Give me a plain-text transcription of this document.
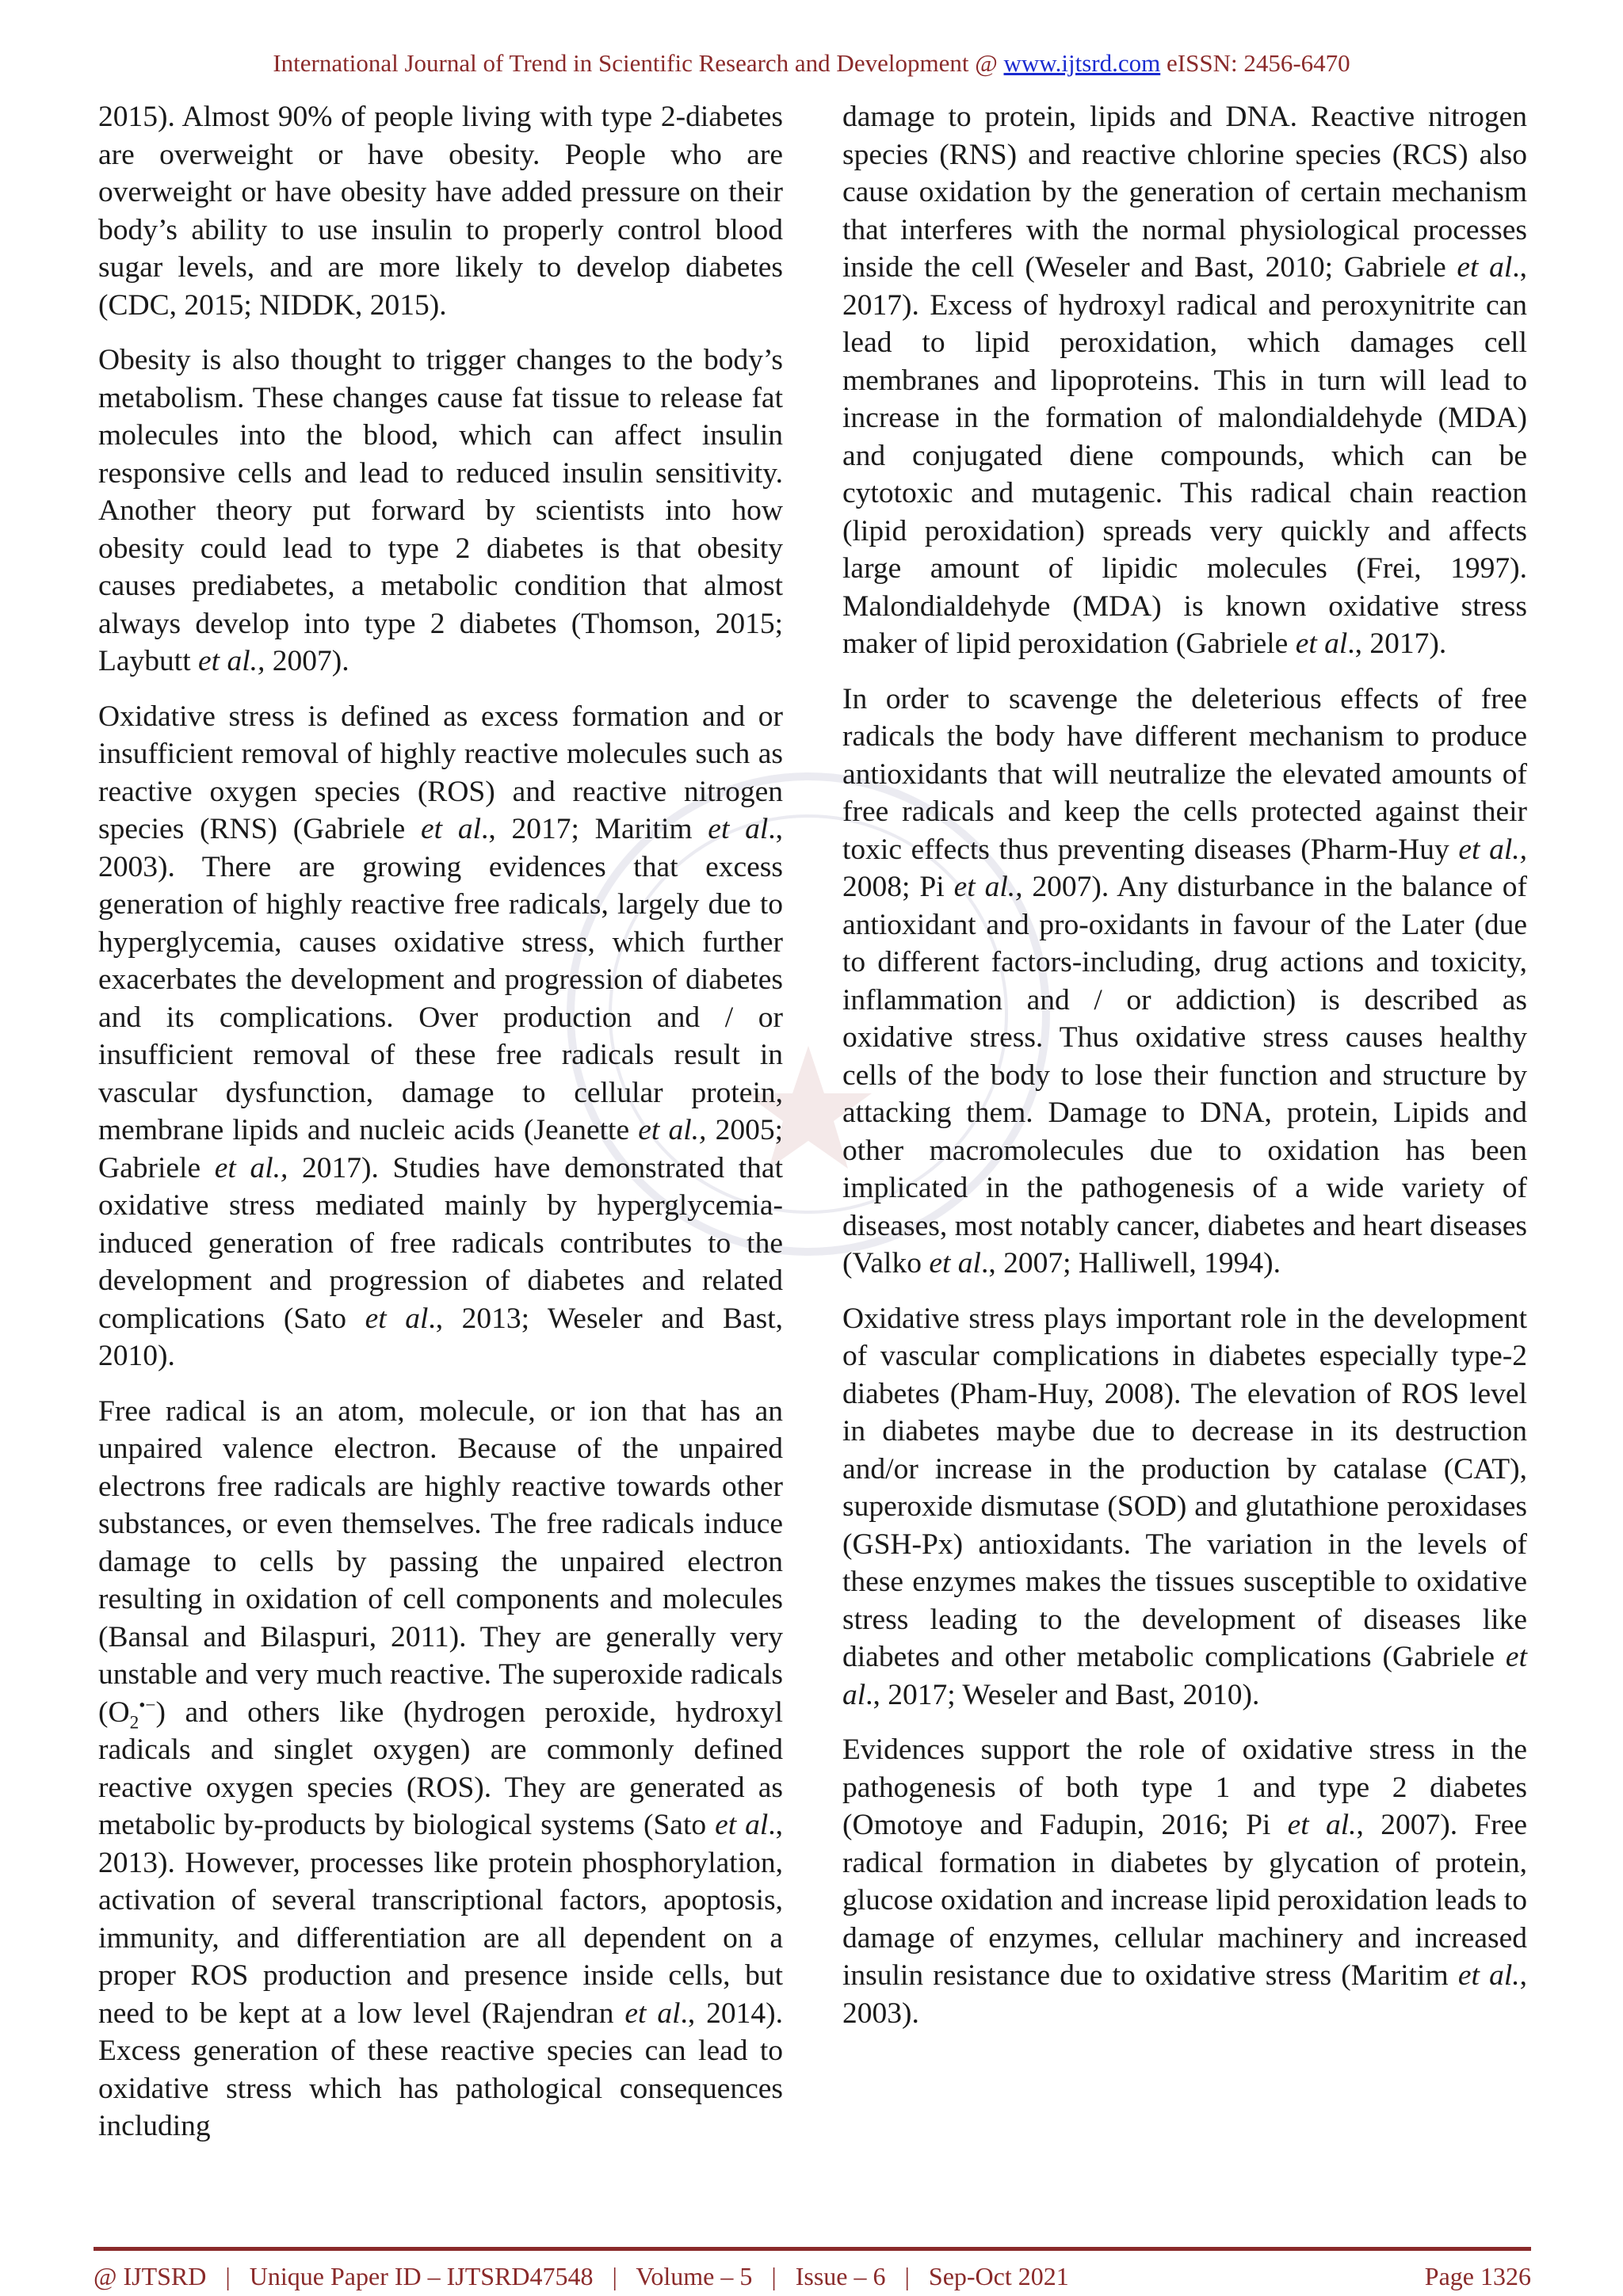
International Journal of Trend in Scientific Research and Development @ www.ijtsrd.com eISSN: 2456-6470

2015). Almost 90% of people living with type 2-diabetes are overweight or have obesity. People who are overweight or have obesity have added pressure on their body’s ability to use insulin to properly control blood sugar levels, and are more likely to develop diabetes (CDC, 2015; NIDDK, 2015).

Obesity is also thought to trigger changes to the body’s metabolism. These changes cause fat tissue to release fat molecules into the blood, which can affect insulin responsive cells and lead to reduced insulin sensitivity. Another theory put forward by scientists into how obesity could lead to type 2 diabetes is that obesity causes prediabetes, a metabolic condition that almost always develop into type 2 diabetes (Thomson, 2015; Laybutt et al., 2007).

Oxidative stress is defined as excess formation and or insufficient removal of highly reactive molecules such as reactive oxygen species (ROS) and reactive nitrogen species (RNS) (Gabriele et al., 2017; Maritim et al., 2003). There are growing evidences that excess generation of highly reactive free radicals, largely due to hyperglycemia, causes oxidative stress, which further exacerbates the development and progression of diabetes and its complications. Over production and / or insufficient removal of these free radicals result in vascular dysfunction, damage to cellular protein, membrane lipids and nucleic acids (Jeanette et al., 2005; Gabriele et al., 2017). Studies have demonstrated that oxidative stress mediated mainly by hyperglycemia- induced generation of free radicals contributes to the development and progression of diabetes and related complications (Sato et al., 2013; Weseler and Bast, 2010).

Free radical is an atom, molecule, or ion that has an unpaired valence electron. Because of the unpaired electrons free radicals are highly reactive towards other substances, or even themselves. The free radicals induce damage to cells by passing the unpaired electron resulting in oxidation of cell components and molecules (Bansal and Bilaspuri, 2011). They are generally very unstable and very much reactive. The superoxide radicals $(O_2^{•-})$ and others like (hydrogen peroxide, hydroxyl radicals and singlet oxygen) are commonly defined reactive oxygen species (ROS). They are generated as metabolic by-products by biological systems (Sato et al., 2013). However, processes like protein phosphorylation, activation of several transcriptional factors, apoptosis, immunity, and differentiation are all dependent on a proper ROS production and presence inside cells, but need to be kept at a low level (Rajendran et al., 2014). Excess generation of these reactive species can lead to oxidative stress which has pathological consequences including

damage to protein, lipids and DNA. Reactive nitrogen species (RNS) and reactive chlorine species (RCS) also cause oxidation by the generation of certain mechanism that interferes with the normal physiological processes inside the cell (Weseler and Bast, 2010; Gabriele et al., 2017). Excess of hydroxyl radical and peroxynitrite can lead to lipid peroxidation, which damages cell membranes and lipoproteins. This in turn will lead to increase in the formation of malondialdehyde (MDA) and conjugated diene compounds, which can be cytotoxic and mutagenic. This radical chain reaction (lipid peroxidation) spreads very quickly and affects large amount of lipidic molecules (Frei, 1997). Malondialdehyde (MDA) is known oxidative stress maker of lipid peroxidation (Gabriele et al., 2017).

In order to scavenge the deleterious effects of free radicals the body have different mechanism to produce antioxidants that will neutralize the elevated amounts of free radicals and keep the cells protected against their toxic effects thus preventing diseases (Pharm-Huy et al., 2008; Pi et al., 2007). Any disturbance in the balance of antioxidant and pro-oxidants in favour of the Later (due to different factors-including, drug actions and toxicity, inflammation and / or addiction) is described as oxidative stress. Thus oxidative stress causes healthy cells of the body to lose their function and structure by attacking them. Damage to DNA, protein, Lipids and other macromolecules due to oxidation has been implicated in the pathogenesis of a wide variety of diseases, most notably cancer, diabetes and heart diseases (Valko et al., 2007; Halliwell, 1994).

Oxidative stress plays important role in the development of vascular complications in diabetes especially type-2 diabetes (Pham-Huy, 2008). The elevation of ROS level in diabetes maybe due to decrease in its destruction and/or increase in the production by catalase (CAT), superoxide dismutase (SOD) and glutathione peroxidases (GSH-Px) antioxidants. The variation in the levels of these enzymes makes the tissues susceptible to oxidative stress leading to the development of diseases like diabetes and other metabolic complications (Gabriele et al., 2017; Weseler and Bast, 2010).

Evidences support the role of oxidative stress in the pathogenesis of both type 1 and type 2 diabetes (Omotoye and Fadupin, 2016; Pi et al., 2007). Free radical formation in diabetes by glycation of protein, glucose oxidation and increase lipid peroxidation leads to damage of enzymes, cellular machinery and increased insulin resistance due to oxidative stress (Maritim et al., 2003).

@ IJTSRD | Unique Paper ID – IJTSRD47548 | Volume – 5 | Issue – 6 | Sep-Oct 2021	Page 1326
